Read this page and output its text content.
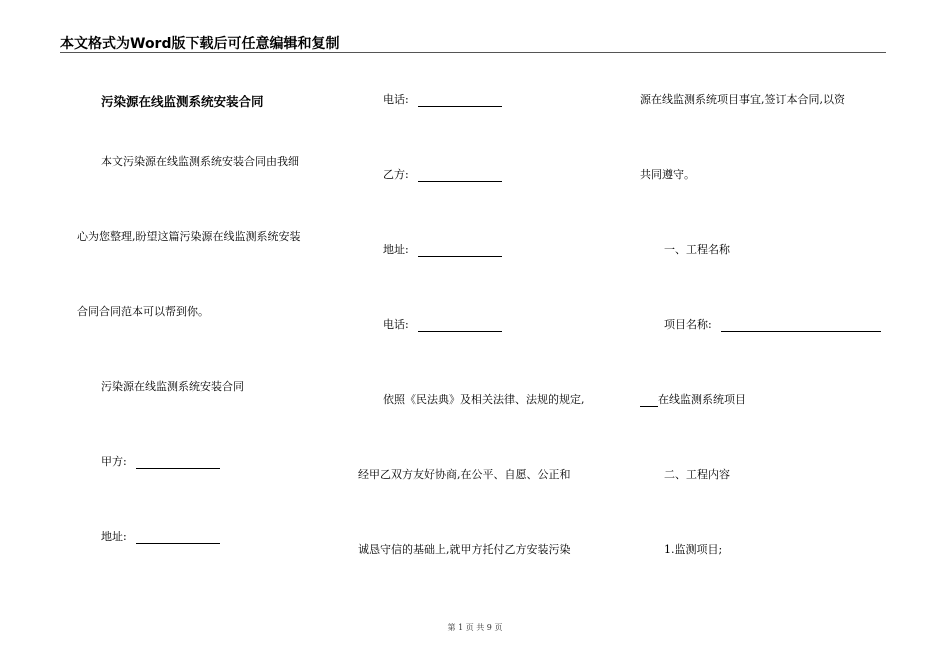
本文格式为Word版下载后可任意编辑和复制
污染源在线监测系统安装合同
本文污染源在线监测系统安装合同由我细
心为您整理,盼望这篇污染源在线监测系统安装
合同合同范本可以帮到你。
污染源在线监测系统安装合同
甲方:
地址:
电话:
乙方:
地址:
电话:
依照《民法典》及相关法律、法规的规定,
经甲乙双方友好协商,在公平、自愿、公正和
诚恳守信的基础上,就甲方托付乙方安装污染
源在线监测系统项目事宜,签订本合同,以资
共同遵守。
一、工程名称
项目名称:
在线监测系统项目
二、工程内容
1.监测项目;
第 1 页 共 9 页
